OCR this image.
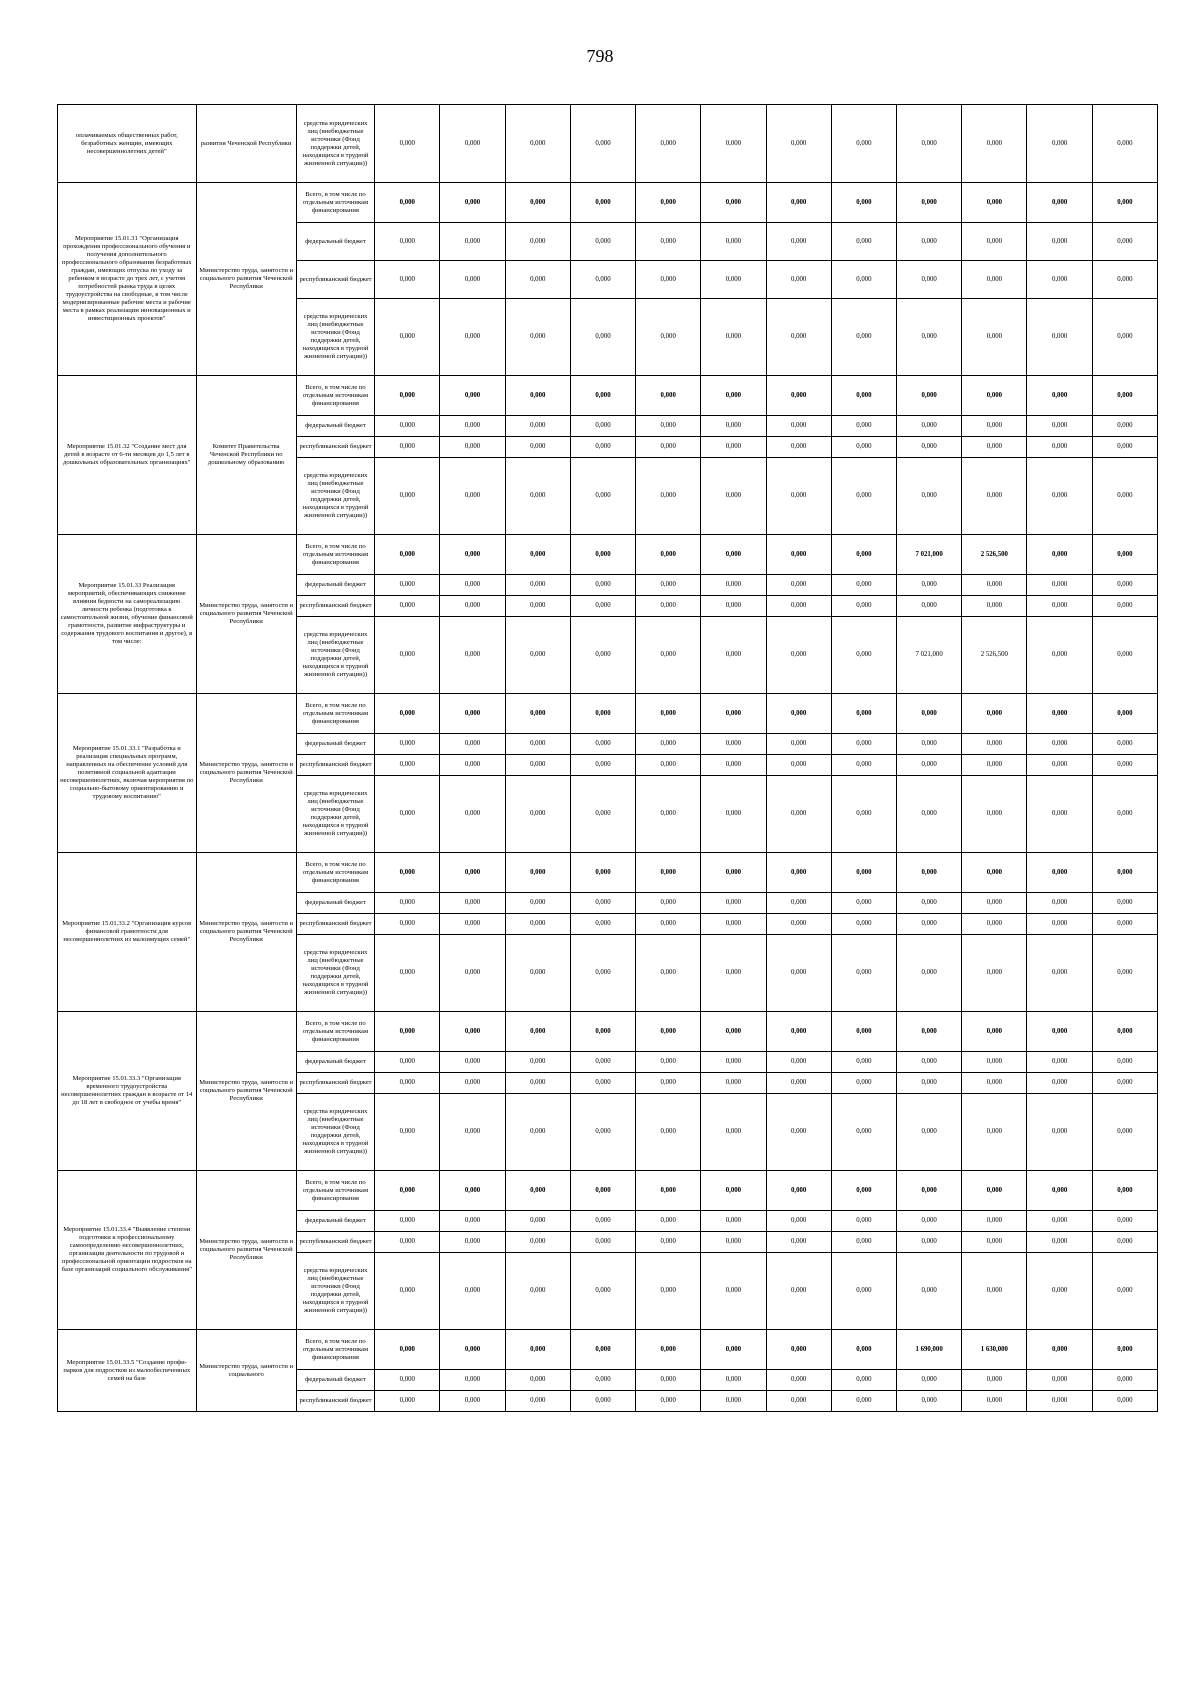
798
оплачиваемых общественных работ, безработных женщин, имеющих несовершеннолетних детей"	развития Чеченской Республики	средства юридических лиц (внебюджетные источники (Фонд поддержки детей, находящихся в трудной жизненной ситуации))	0,000	0,000	0,000	0,000	0,000	0,000	0,000	0,000	0,000	0,000	0,000	0,000
Мероприятие 15.01.31 "Организация прохождения профессионального обучения и получения дополнительного профессионального образования безработных граждан, имеющих отпуска по уходу за ребенком в возрасте до трех лет, с учетом потребностей рынка труда в целях трудоустройства на свободные, в том числе модернизированные рабочие места и рабочие места в рамках реализации инновационных и инвестиционных проектов"	Министерство труда, занятости и социального развития Чеченской Республики	Всего, в том числе по отдельным источникам финансирования	0,000	0,000	0,000	0,000	0,000	0,000	0,000	0,000	0,000	0,000	0,000	0,000
		федеральный бюджет	0,000	0,000	0,000	0,000	0,000	0,000	0,000	0,000	0,000	0,000	0,000	0,000
		республиканский бюджет	0,000	0,000	0,000	0,000	0,000	0,000	0,000	0,000	0,000	0,000	0,000	0,000
		средства юридических лиц (внебюджетные источники (Фонд поддержки детей, находящихся в трудной жизненной ситуации))	0,000	0,000	0,000	0,000	0,000	0,000	0,000	0,000	0,000	0,000	0,000	0,000
Мероприятие 15.01.32 "Создание мест для детей в возрасте от 6-ти месяцев до 1,5 лет в дошкольных образовательных организациях"	Комитет Правительства Чеченской Республики по дошкольному образованию	Всего, в том числе по отдельным источникам финансирования	0,000	0,000	0,000	0,000	0,000	0,000	0,000	0,000	0,000	0,000	0,000	0,000
		федеральный бюджет	0,000	0,000	0,000	0,000	0,000	0,000	0,000	0,000	0,000	0,000	0,000	0,000
		республиканский бюджет	0,000	0,000	0,000	0,000	0,000	0,000	0,000	0,000	0,000	0,000	0,000	0,000
		средства юридических лиц (внебюджетные источники (Фонд поддержки детей, находящихся в трудной жизненной ситуации))	0,000	0,000	0,000	0,000	0,000	0,000	0,000	0,000	0,000	0,000	0,000	0,000
Мероприятие 15.01.33 Реализация мероприятий, обеспечивающих снижение влияния бедности на самореализацию личности ребенка (подготовка к самостоятельной жизни, обучение финансовой грамотности, развитие инфраструктуры и содержания трудового воспитания и другое), в том числе:	Министерство труда, занятости и социального развития Чеченской Республики	Всего, в том числе по отдельным источникам финансирования	0,000	0,000	0,000	0,000	0,000	0,000	0,000	0,000	7 021,000	2 526,500	0,000	0,000
		федеральный бюджет	0,000	0,000	0,000	0,000	0,000	0,000	0,000	0,000	0,000	0,000	0,000	0,000
		республиканский бюджет	0,000	0,000	0,000	0,000	0,000	0,000	0,000	0,000	0,000	0,000	0,000	0,000
		средства юридических лиц (внебюджетные источники (Фонд поддержки детей, находящихся в трудной жизненной ситуации))	0,000	0,000	0,000	0,000	0,000	0,000	0,000	0,000	7 021,000	2 526,500	0,000	0,000
Мероприятие 15.01.33.1 "Разработка и реализация специальных программ, направленных на обеспечение условий для позитивной социальной адаптации несовершеннолетних, включая мероприятия по социально-бытовому ориентированию и трудовому воспитанию"	Министерство труда, занятости и социального развития Чеченской Республики	Всего, в том числе по отдельным источникам финансирования	0,000	0,000	0,000	0,000	0,000	0,000	0,000	0,000	0,000	0,000	0,000	0,000
		федеральный бюджет	0,000	0,000	0,000	0,000	0,000	0,000	0,000	0,000	0,000	0,000	0,000	0,000
		республиканский бюджет	0,000	0,000	0,000	0,000	0,000	0,000	0,000	0,000	0,000	0,000	0,000	0,000
		средства юридических лиц (внебюджетные источники (Фонд поддержки детей, находящихся в трудной жизненной ситуации))	0,000	0,000	0,000	0,000	0,000	0,000	0,000	0,000	0,000	0,000	0,000	0,000
Мероприятие 15.01.33.2 "Организация курсов финансовой грамотности для несовершеннолетних из малоимущих семей"	Министерство труда, занятости и социального развития Чеченской Республики	Всего, в том числе по отдельным источникам финансирования	0,000	0,000	0,000	0,000	0,000	0,000	0,000	0,000	0,000	0,000	0,000	0,000
		федеральный бюджет	0,000	0,000	0,000	0,000	0,000	0,000	0,000	0,000	0,000	0,000	0,000	0,000
		республиканский бюджет	0,000	0,000	0,000	0,000	0,000	0,000	0,000	0,000	0,000	0,000	0,000	0,000
		средства юридических лиц (внебюджетные источники (Фонд поддержки детей, находящихся в трудной жизненной ситуации))	0,000	0,000	0,000	0,000	0,000	0,000	0,000	0,000	0,000	0,000	0,000	0,000
Мероприятие 15.01.33.3 "Организация временного трудоустройства несовершеннолетних граждан в возрасте от 14 до 18 лет в свободное от учебы время"	Министерство труда, занятости и социального развития Чеченской Республики	Всего, в том числе по отдельным источникам финансирования	0,000	0,000	0,000	0,000	0,000	0,000	0,000	0,000	0,000	0,000	0,000	0,000
		федеральный бюджет	0,000	0,000	0,000	0,000	0,000	0,000	0,000	0,000	0,000	0,000	0,000	0,000
		республиканский бюджет	0,000	0,000	0,000	0,000	0,000	0,000	0,000	0,000	0,000	0,000	0,000	0,000
		средства юридических лиц (внебюджетные источники (Фонд поддержки детей, находящихся в трудной жизненной ситуации))	0,000	0,000	0,000	0,000	0,000	0,000	0,000	0,000	0,000	0,000	0,000	0,000
Мероприятие 15.01.33.4 "Выявление степени подготовки к профессиональному самоопределению несовершеннолетних, организация деятельности по трудовой и профессиональной ориентации подростков на базе организаций социального обслуживания"	Министерство труда, занятости и социального развития Чеченской Республики	Всего, в том числе по отдельным источникам финансирования	0,000	0,000	0,000	0,000	0,000	0,000	0,000	0,000	0,000	0,000	0,000	0,000
		федеральный бюджет	0,000	0,000	0,000	0,000	0,000	0,000	0,000	0,000	0,000	0,000	0,000	0,000
		республиканский бюджет	0,000	0,000	0,000	0,000	0,000	0,000	0,000	0,000	0,000	0,000	0,000	0,000
		средства юридических лиц (внебюджетные источники (Фонд поддержки детей, находящихся в трудной жизненной ситуации))	0,000	0,000	0,000	0,000	0,000	0,000	0,000	0,000	0,000	0,000	0,000	0,000
Мероприятие 15.01.33.5 "Создание профи-парков для подростков из малообеспеченных семей на базе	Министерство труда, занятости и социального	Всего, в том числе по отдельным источникам финансирования	0,000	0,000	0,000	0,000	0,000	0,000	0,000	0,000	1 690,000	1 630,000	0,000	0,000
		федеральный бюджет	0,000	0,000	0,000	0,000	0,000	0,000	0,000	0,000	0,000	0,000	0,000	0,000
		республиканский бюджет	0,000	0,000	0,000	0,000	0,000	0,000	0,000	0,000	0,000	0,000	0,000	0,000
